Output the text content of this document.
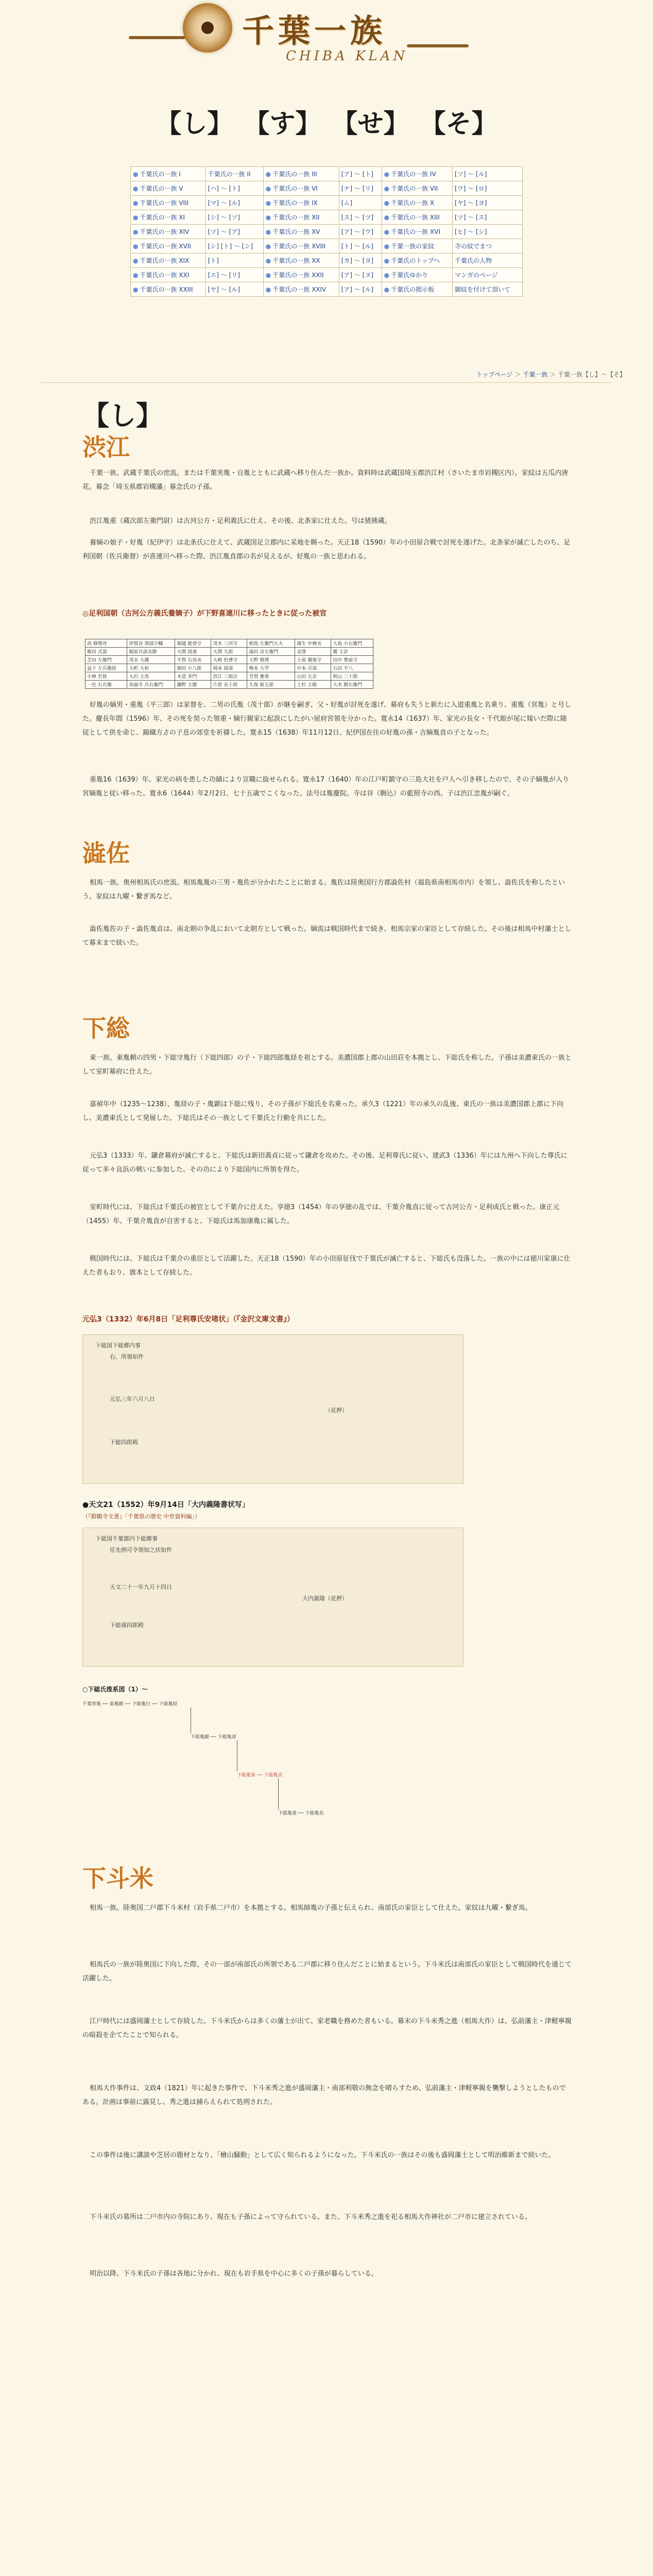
千葉一族
CHIBA KLAN
【し】 【す】 【せ】 【そ】
● 千葉氏の一族 I	千葉氏の一族 II	● 千葉氏の一族 III	[ア] 〜 [ト]	● 千葉氏の一族 IV	[ソ] ～ [ル]
● 千葉氏の一族 V	[ハ] ～ [ト]	● 千葉氏の一族 VI	[ナ] ～ [リ]	● 千葉氏の一族 VII	[ワ] ～ [ロ]
● 千葉氏の一族 VIII	[マ] ～ [ル]	● 千葉氏の一族 IX	[ム]	● 千葉氏の一族 X	[ヤ] ～ [ヨ]
● 千葉氏の一族 XI	[シ] ～ [ソ]	● 千葉氏の一族 XII	[ス] ～ [ツ]	● 千葉氏の一族 XIII	[ツ] ～ [ス]
● 千葉氏の一族 XIV	[ツ] ～ [ア]	● 千葉氏の一族 XV	[ア] ～ [ウ]	● 千葉氏の一族 XVI	[ヒ] ～ [シ]
● 千葉氏の一族 XVII	[シ] [ト] ～ [シ]	● 千葉氏の一族 XVIII	[ト] ～ [ル]	● 千葉一族の家紋	寺の紋でまつ
● 千葉氏の一族 XIX	[ト]	● 千葉氏の一族 XX	[カ] ～ [ヨ]	● 千葉氏のトップへ	千葉氏の人物
● 千葉氏の一族 XXI	[エ] ～ [リ]	● 千葉氏の一族 XXII	[ア] ～ [ヌ]	● 千葉氏ゆかり	マンガのページ
● 千葉氏の一族 XXIII	[ヤ] ～ [ル]	● 千葉氏の一族 XXIV	[ア] ～ [ル]	● 千葉氏の掲示板	御紋を付けて頂いて
トップページ ＞ 千葉一族 ＞ 千葉一族【し】～【そ】
【し】
渋江
千葉一族。武蔵千葉氏の庶流。または千葉実胤・自胤とともに武蔵へ移り住んだ一族か。資料時は武蔵国埼玉郡渋江村（さいたま市岩槻区内）。家紋は五瓜内唐花。幕念「埼玉県郡岩槻藩」幕念氏の子孫。
渋江胤重（蔵次郎左衛門尉）は古河公方・足利義氏に仕え、その後、北条家に仕えた。号は猪熊蔵。
養嫡の娘子・好胤（紀伊守）は北条氏に仕えて、武蔵国足立郡内に采地を賜った。天正18（1590）年の小田原合戦で討死を遂げた。北条家が滅亡したのち、足利国朝（佐兵衛督）が喜連川へ移った際、渋江胤直郡の名が見えるが、好胤の一族と思われる。
◎足利国朝（古河公方義氏養嫡子）が下野喜連川に移ったときに従った被官
高 修理亮	伊賀谷 刑部少輔	堀越 能登守	茂木 三河守	相馬 左衛門大夫	蒲生 中務丞	大島 小右衛門
梶田 式部	梶原兵部丞勝	大関 図書	大関 九郎	湯田 彦左衛門	金澤	鷲 主計
芝田 左衛門	茂永 大蔵	平賀 右馬丞	大崎 伯耆守	大野 修理	土屋 備後守	田中 豊前守
益子 左兵衛尉	大町 大和	堀田 小八郎	岡本 掃部	鳴本 大学	中本 兵部	石田 平八
小林 若狭	大沢 主馬	木造 多門	渋江 三郎次	芳賀 雅楽	山田 左京	秋山 三十郎
一色 右兵衛	高福寺 兵右衛門	瀬野 主膳	片倉 長十郎	久保 新五郎	上杉 主殿	大木 勝右衛門
好胤の嫡男・重胤（平三郎）は家督を、二男の氏胤（茂十郎）が継を嗣ぎ、父・好胤が討死を遂げ、幕府も失うと新たに入道重胤と名乗り、重胤（宮胤）と号した。慶長年間（1596）年、その死を契った領重・嫡行親家に起誤にしたがい屋府宮領を分かった。寛永14（1637）年、家光の長女・千代姫が尾に嫁いだ際に随従として供を命じ、錦織方ゟの子息の郊堂を祈禱した。寛永15（1638）年11月12日、紀伊国在住の好胤の孫・吉嫡胤直の子となった。
重胤16（1639）年、家光の病を患した功績により宣職に抜せられる。寛永17（1640）年の江戸町鎮守の三島大社を戸人へ引き移したので、その子嫡胤が入り宮嫡胤と従い移った。寛永6（1644）年2月2日、七十五歳でこくなった。法号は胤慶院。寺は谷（駒込）の藍照寺の西。子は渋江忠胤が嗣ぐ。
澁佐
相馬一族。奥州相馬氏の庶流。相馬胤胤の三男・胤佐が分かれたことに始まる。胤佐は陸奥国行方郡澁佐村（福島県南相馬市内）を領し、澁佐氏を称したという。家紋は九曜・繋ぎ馬など。
澁佐胤佐の子・澁佐胤貞は、南北朝の争乱において北朝方として戦った。嫡流は戦国時代まで続き、相馬宗家の家臣として存続した。その後は相馬中村藩士として幕末まで続いた。
下総
東一族。東胤頼の四男・下総守胤行（下総四郎）の子・下総四郎胤経を祖とする。美濃国郡上郡の山田荘を本拠とし、下総氏を称した。子孫は美濃東氏の一族として室町幕府に仕えた。
嘉禎年中（1235～1238）、胤経の子・胤顕は下総に残り、その子孫が下総氏を名乗った。承久3（1221）年の承久の乱後、東氏の一族は美濃国郡上郡に下向し、美濃東氏として発展した。下総氏はその一族として千葉氏と行動を共にした。
元弘3（1333）年、鎌倉幕府が滅亡すると、下総氏は新田義貞に従って鎌倉を攻めた。その後、足利尊氏に従い、建武3（1336）年には九州へ下向した尊氏に従って多々良浜の戦いに参加した。その功により下総国内に所領を得た。
室町時代には、下総氏は千葉氏の被官として千葉介に仕えた。享徳3（1454）年の享徳の乱では、千葉介胤直に従って古河公方・足利成氏と戦った。康正元（1455）年、千葉介胤直が自害すると、下総氏は馬加康胤に属した。
戦国時代には、下総氏は千葉介の重臣として活躍した。天正18（1590）年の小田原征伐で千葉氏が滅亡すると、下総氏も没落した。一族の中には徳川家康に仕えた者もおり、旗本として存続した。
元弘3（1332）年6月8日「足利尊氏安堵状」（『金沢文庫文書』）
下総国下総郷内事
右、所領如件
元弘三年六月八日
（花押）
下総四郎殿
●天文21（1552）年9月14日「大内義隆書状写」
（『銀鶴寺文書』「千葉県の歴史 中世資料編」）
下総国千葉郡内下総郷事
任先例可令領知之状如件
天文二十一年九月十四日
大内義隆（花押）
下総孫四郎殿
○下総氏推系図（1）～
千葉常胤 ── 東胤頼 ── 下総胤行 ── 下総胤経
下総胤顕 ── 下総胤清
下総胤泰 ── 下総胤貞
下総胤重 ── 下総胤長
下斗米
相馬一族。陸奥国二戸郡下斗米村（岩手県二戸市）を本拠とする。相馬師胤の子孫と伝えられ、南部氏の家臣として仕えた。家紋は九曜・繋ぎ馬。
相馬氏の一族が陸奥国に下向した際、その一部が南部氏の所領である二戸郡に移り住んだことに始まるという。下斗米氏は南部氏の家臣として戦国時代を通じて活躍した。
江戸時代には盛岡藩士として存続した。下斗米氏からは多くの藩士が出て、家老職を務めた者もいる。幕末の下斗米秀之進（相馬大作）は、弘前藩主・津軽寧親の暗殺を企てたことで知られる。
相馬大作事件は、文政4（1821）年に起きた事件で、下斗米秀之進が盛岡藩主・南部利敬の無念を晴らすため、弘前藩主・津軽寧親を襲撃しようとしたものである。計画は事前に露見し、秀之進は捕らえられて処刑された。
この事件は後に講談や芝居の題材となり、「檜山騒動」として広く知られるようになった。下斗米氏の一族はその後も盛岡藩士として明治維新まで続いた。
下斗米氏の墓所は二戸市内の寺院にあり、現在も子孫によって守られている。また、下斗米秀之進を祀る相馬大作神社が二戸市に建立されている。
明治以降、下斗米氏の子孫は各地に分かれ、現在も岩手県を中心に多くの子孫が暮らしている。
